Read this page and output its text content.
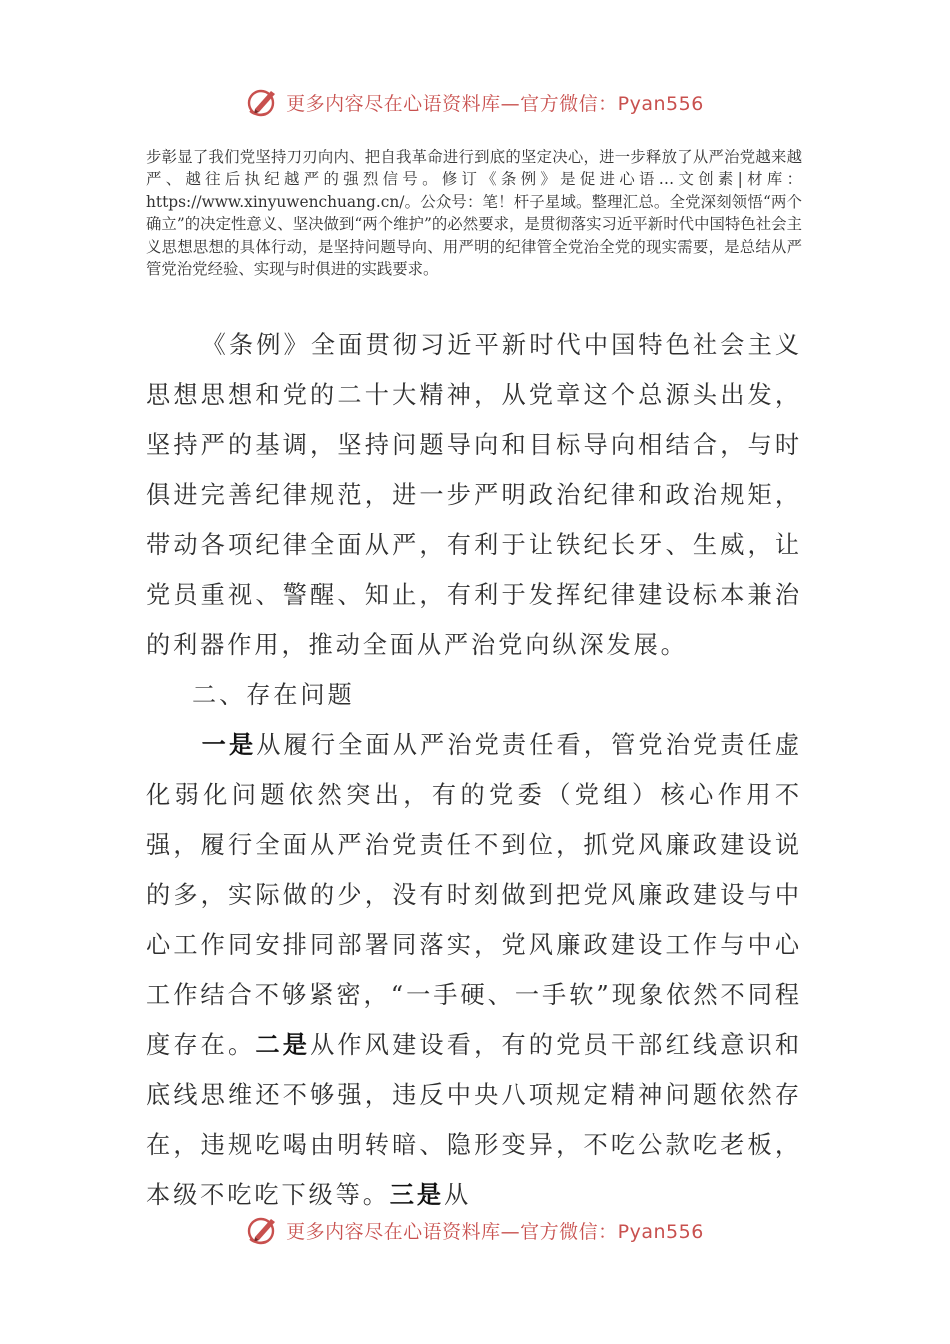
更多内容尽在心语资料库—官方微信：Pyan556

步彰显了我们党坚持刀刃向内、把自我革命进行到底的坚定决心，进一步释放了从严治党越来越严、越往后执纪越严的强烈信号。修订《条例》是促进心语…文创素|材库：https://www.xinyuwenchuang.cn/。公众号：笔！杆子星域。整理汇总。全党深刻领悟“两个确立”的决定性意义、坚决做到“两个维护”的必然要求，是贯彻落实习近平新时代中国特色社会主义思想思想的具体行动，是坚持问题导向、用严明的纪律管全党治全党的现实需要，是总结从严管党治党经验、实现与时俱进的实践要求。

《条例》全面贯彻习近平新时代中国特色社会主义思想思想和党的二十大精神，从党章这个总源头出发，坚持严的基调，坚持问题导向和目标导向相结合，与时俱进完善纪律规范，进一步严明政治纪律和政治规矩，带动各项纪律全面从严，有利于让铁纪长牙、生威，让党员重视、警醒、知止，有利于发挥纪律建设标本兼治的利器作用，推动全面从严治党向纵深发展。

二、存在问题

一是从履行全面从严治党责任看，管党治党责任虚化弱化问题依然突出，有的党委（党组）核心作用不强，履行全面从严治党责任不到位，抓党风廉政建设说的多，实际做的少，没有时刻做到把党风廉政建设与中心工作同安排同部署同落实，党风廉政建设工作与中心工作结合不够紧密，“一手硬、一手软”现象依然不同程度存在。二是从作风建设看，有的党员干部红线意识和底线思维还不够强，违反中央八项规定精神问题依然存在，违规吃喝由明转暗、隐形变异，不吃公款吃老板，本级不吃吃下级等。三是从

更多内容尽在心语资料库—官方微信：Pyan556
